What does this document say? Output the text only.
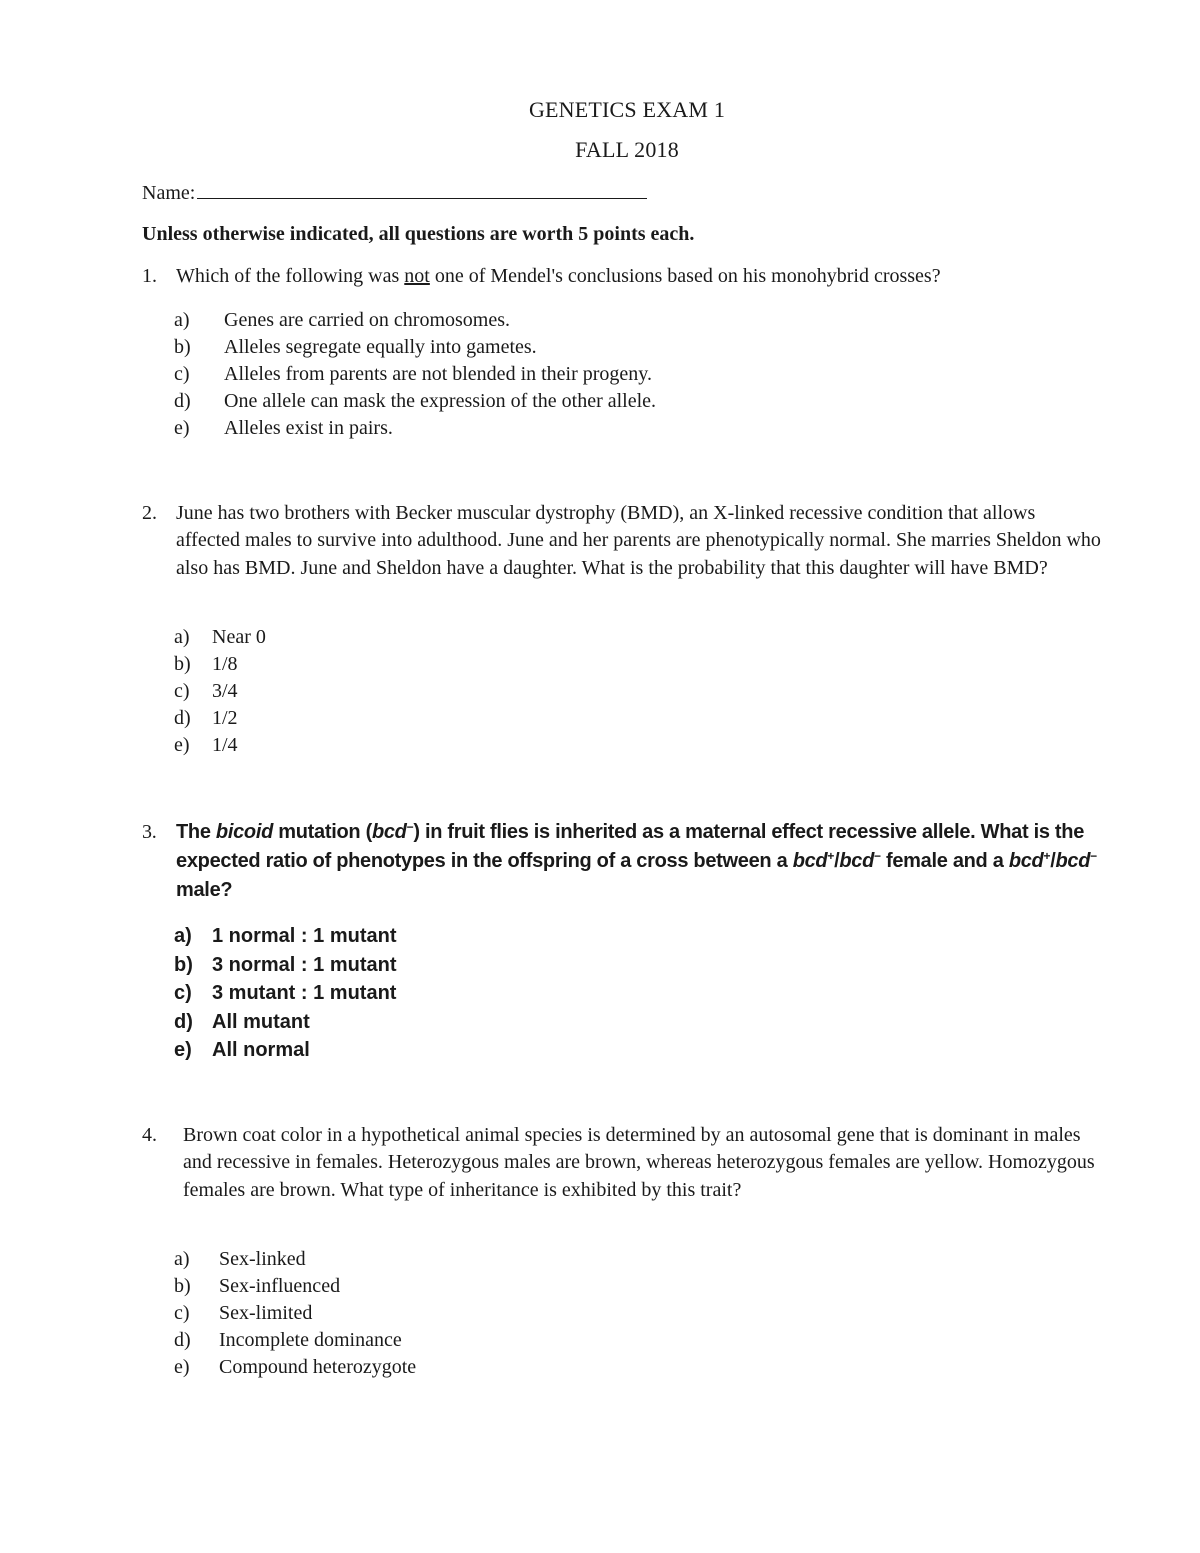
GENETICS EXAM 1
FALL 2018
Name:
Unless otherwise indicated, all questions are worth 5 points each.
1. Which of the following was not one of Mendel's conclusions based on his monohybrid crosses?
a) Genes are carried on chromosomes.
b) Alleles segregate equally into gametes.
c) Alleles from parents are not blended in their progeny.
d) One allele can mask the expression of the other allele.
e) Alleles exist in pairs.
2. June has two brothers with Becker muscular dystrophy (BMD), an X-linked recessive condition that allows affected males to survive into adulthood. June and her parents are phenotypically normal. She marries Sheldon who also has BMD. June and Sheldon have a daughter. What is the probability that this daughter will have BMD?
a) Near 0
b) 1/8
c) 3/4
d) 1/2
e) 1/4
3. The bicoid mutation (bcd−) in fruit flies is inherited as a maternal effect recessive allele. What is the expected ratio of phenotypes in the offspring of a cross between a bcd+/bcd− female and a bcd+/bcd− male?
a) 1 normal : 1 mutant
b) 3 normal : 1 mutant
c) 3 mutant : 1 mutant
d) All mutant
e) All normal
4. Brown coat color in a hypothetical animal species is determined by an autosomal gene that is dominant in males and recessive in females. Heterozygous males are brown, whereas heterozygous females are yellow. Homozygous females are brown. What type of inheritance is exhibited by this trait?
a) Sex-linked
b) Sex-influenced
c) Sex-limited
d) Incomplete dominance
e) Compound heterozygote
